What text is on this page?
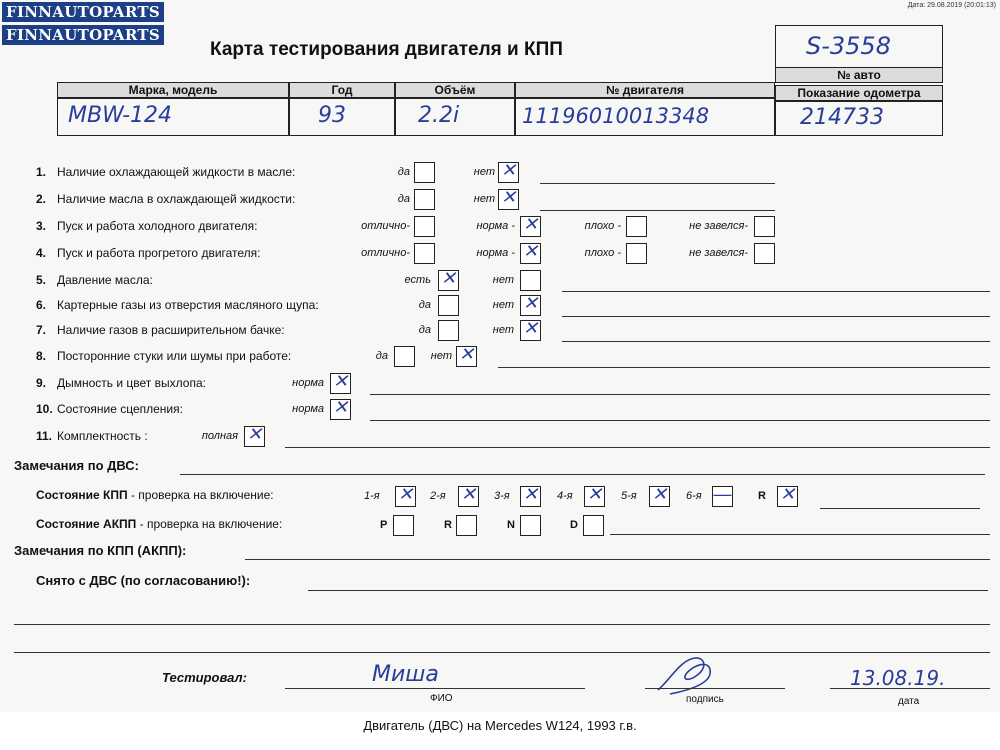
FINNAUTOPARTS
FINNAUTOPARTS
Дата: 29.08.2019 (20:01:13)
Карта тестирования двигателя и КПП	S-3558
Марка, модель	Год	Объём	№ двигателя
№ авто
Показание одометра
МВW-124	93	2.2i	11196010013348	214733
1. Наличие охлаждающей жидкости в масле:	да	нет ✕
2. Наличие масла в охлаждающей жидкости:	да	нет ✕
3. Пуск и работа холодного двигателя:	отлично-	норма - ✕	плохо -	не завелся-
4. Пуск и работа прогретого двигателя:	отлично-	норма - ✕	плохо -	не завелся-
5. Давление масла:	есть ✕	нет
6. Картерные газы из отверстия масляного щупа:	да	нет ✕
7. Наличие газов в расширительном бачке:	да	нет ✕
8. Посторонние стуки или шумы при работе:	да	нет ✕
9. Дымность и цвет выхлопа:	норма ✕
10. Состояние сцепления:	норма ✕
11. Комплектность :	полная ✕
Замечания по ДВС:
Состояние КПП - проверка на включение:	1-я ✕ 2-я ✕ 3-я ✕ 4-я ✕ 5-я ✕ 6-я — R ✕
Состояние АКПП - проверка на включение:	P	R	N	D
Замечания по КПП (АКПП):
Снято с ДВС (по согласованию!):
Тестировал:	Миша
ФИО	подпись
13.08.19.
дата
Двигатель (ДВС) на Mercedes W124, 1993 г.в.
